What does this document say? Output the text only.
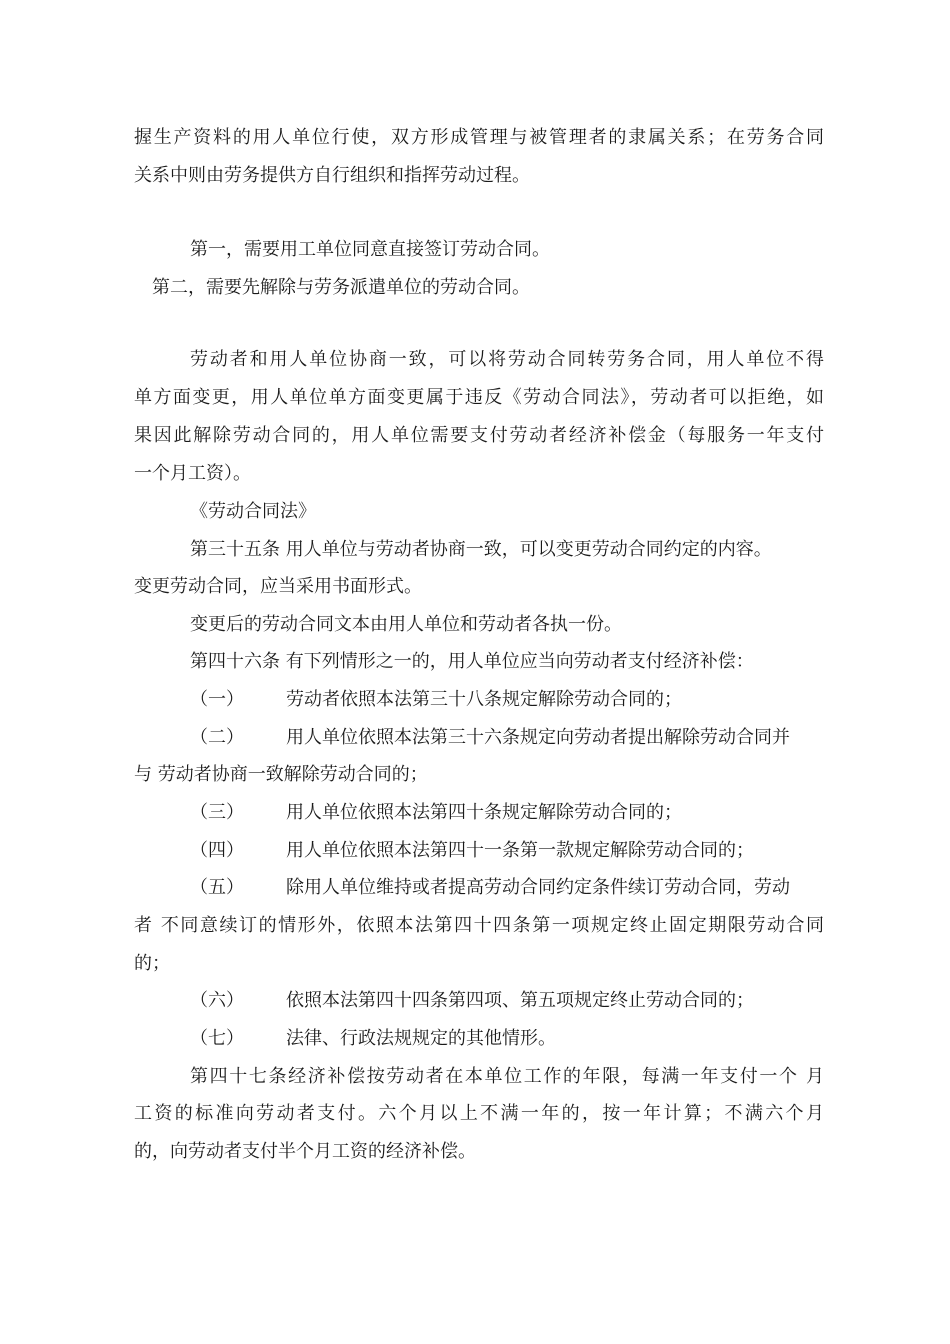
握生产资料的用人单位行使，双方形成管理与被管理者的隶属关系；在劳务合同

关系中则由劳务提供方自行组织和指挥劳动过程。

第一，需要用工单位同意直接签订劳动合同。

第二，需要先解除与劳务派遣单位的劳动合同。

劳动者和用人单位协商一致，可以将劳动合同转劳务合同，用人单位不得

单方面变更，用人单位单方面变更属于违反《劳动合同法》，劳动者可以拒绝，如

果因此解除劳动合同的，用人单位需要支付劳动者经济补偿金（每服务一年支付

一个月工资）。

《劳动合同法》

第三十五条 用人单位与劳动者协商一致，可以变更劳动合同约定的内容。

变更劳动合同，应当采用书面形式。

变更后的劳动合同文本由用人单位和劳动者各执一份。

第四十六条 有下列情形之一的，用人单位应当向劳动者支付经济补偿：

（一） 劳动者依照本法第三十八条规定解除劳动合同的；

（二） 用人单位依照本法第三十六条规定向劳动者提出解除劳动合同并

与 劳动者协商一致解除劳动合同的；

（三） 用人单位依照本法第四十条规定解除劳动合同的；

（四） 用人单位依照本法第四十一条第一款规定解除劳动合同的；

（五） 除用人单位维持或者提高劳动合同约定条件续订劳动合同，劳动

者 不同意续订的情形外，依照本法第四十四条第一项规定终止固定期限劳动合同

的；

（六） 依照本法第四十四条第四项、第五项规定终止劳动合同的；

（七） 法律、行政法规规定的其他情形。

第四十七条经济补偿按劳动者在本单位工作的年限，每满一年支付一个 月

工资的标准向劳动者支付。六个月以上不满一年的，按一年计算；不满六个月

的，向劳动者支付半个月工资的经济补偿。
